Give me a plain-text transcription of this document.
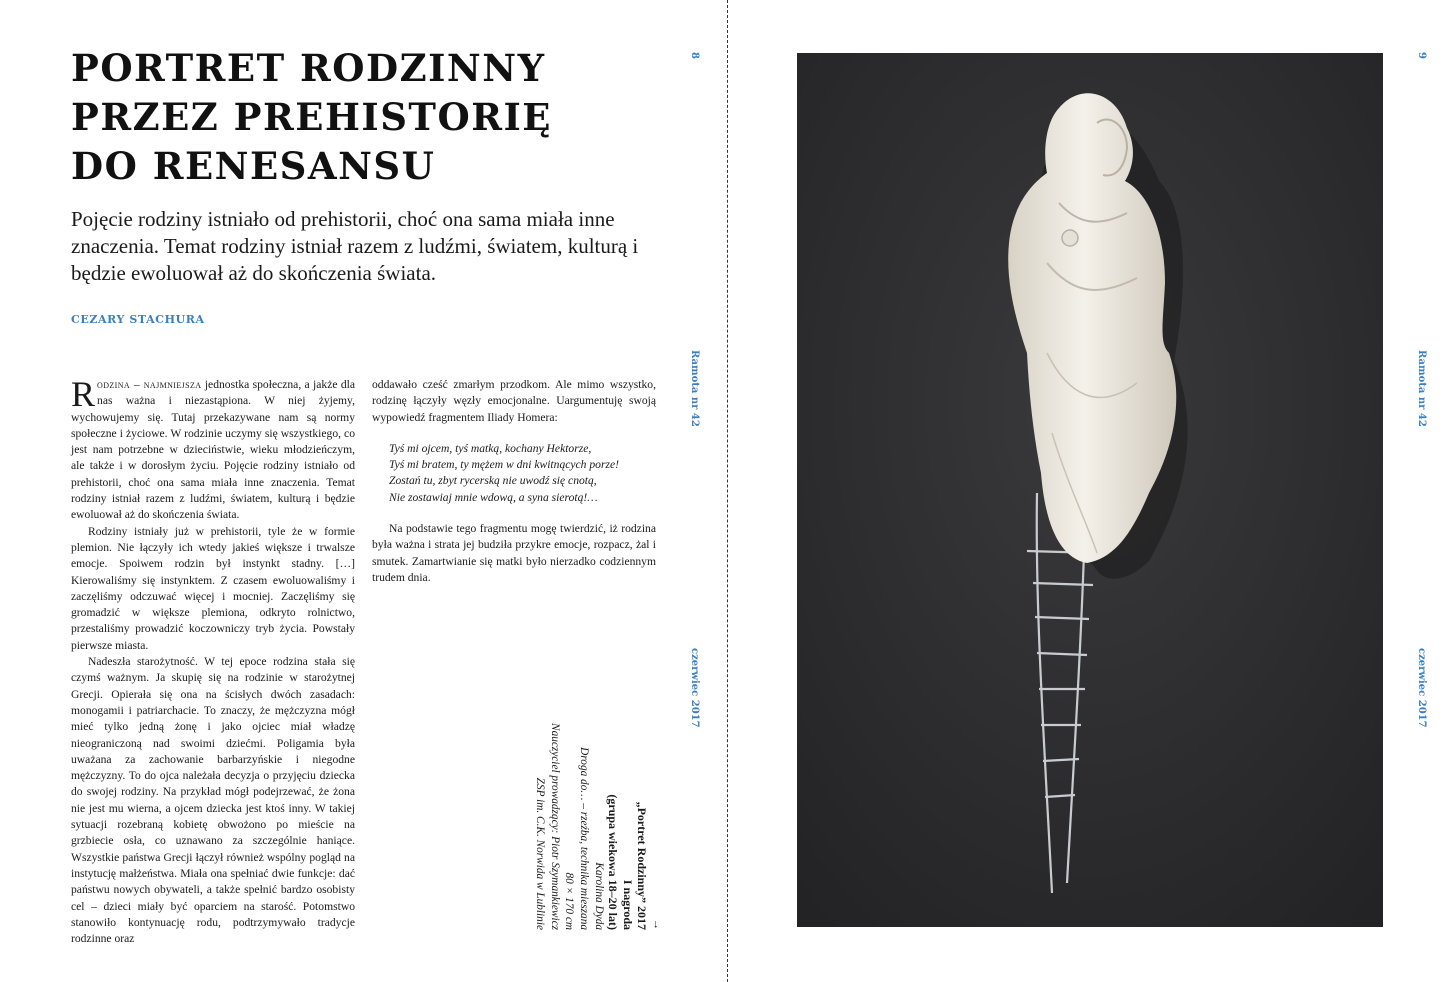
PORTRET RODZINNY
PRZEZ PREHISTORIĘ
DO RENESANSU

Pojęcie rodziny istniało od prehistorii, choć ona sama miała inne znaczenia. Temat rodziny istniał razem z ludźmi, światem, kulturą i będzie ewoluował aż do skończenia świata.

CEZARY STACHURA

Rodzina – najmniejsza jednostka społeczna, a jakże dla nas ważna i niezastąpiona. W niej żyjemy, wychowujemy się. Tutaj przekazywane nam są normy społeczne i życiowe. W rodzinie uczymy się wszystkiego, co jest nam potrzebne w dzieciństwie, wieku młodzieńczym, ale także i w dorosłym życiu. Pojęcie rodziny istniało od prehistorii, choć ona sama miała inne znaczenia. Temat rodziny istniał razem z ludźmi, światem, kulturą i będzie ewoluował aż do skończenia świata.

Rodziny istniały już w prehistorii, tyle że w formie plemion. Nie łączyły ich wtedy jakieś większe i trwalsze emocje. Spoiwem rodzin był instynkt stadny. […] Kierowaliśmy się instynktem. Z czasem ewoluowaliśmy i zaczęliśmy odczuwać więcej i mocniej. Zaczęliśmy się gromadzić w większe plemiona, odkryto rolnictwo, przestaliśmy prowadzić koczowniczy tryb życia. Powstały pierwsze miasta.

Nadeszła starożytność. W tej epoce rodzina stała się czymś ważnym. Ja skupię się na rodzinie w starożytnej Grecji. Opierała się ona na ścisłych dwóch zasadach: monogamii i patriarchacie. To znaczy, że mężczyzna mógł mieć tylko jedną żonę i jako ojciec miał władzę nieograniczoną nad swoimi dziećmi. Poligamia była uważana za zachowanie barbarzyńskie i niegodne mężczyzny. To do ojca należała decyzja o przyjęciu dziecka do swojej rodziny. Na przykład mógł podejrzewać, że żona nie jest mu wierna, a ojcem dziecka jest ktoś inny. W takiej sytuacji rozebraną kobietę obwożono po mieście na grzbiecie osła, co uznawano za szczególnie haniące. Wszystkie państwa Grecji łączył również wspólny pogląd na instytucję małżeństwa. Miała ona spełniać dwie funkcje: dać państwu nowych obywateli, a także spełnić bardzo osobisty cel – dzieci miały być oparciem na starość. Potomstwo stanowiło kontynuację rodu, podtrzymywało tradycje rodzinne oraz

oddawało cześć zmarłym przodkom. Ale mimo wszystko, rodzinę łączyły węzły emocjonalne. Uargumentuję swoją wypowiedź fragmentem Iliady Homera:

Tyś mi ojcem, tyś matką, kochany Hektorze,
Tyś mi bratem, ty mężem w dni kwitnących porze!
Zostań tu, zbyt rycerską nie uwodź się cnotą,
Nie zostawiaj mnie wdową, a syna sierotą!…

Na podstawie tego fragmentu mogę twierdzić, iż rodzina była ważna i strata jej budziła przykre emocje, rozpacz, żal i smutek. Zamartwianie się matki było nierzadko codziennym trudem dnia.

→
„Portret Rodzinny” 2017
I nagroda
(grupa wiekowa 18–20 lat)
Karolina Dyda
Droga do… – rzeźba, technika mieszana
80 × 170 cm
Nauczyciel prowadzący: Piotr Szymankiewicz
ZSP im. C.K. Norwida w Lublinie
8
Ramota nr 42
czerwiec 2017
9
Ramota nr 42
czerwiec 2017
